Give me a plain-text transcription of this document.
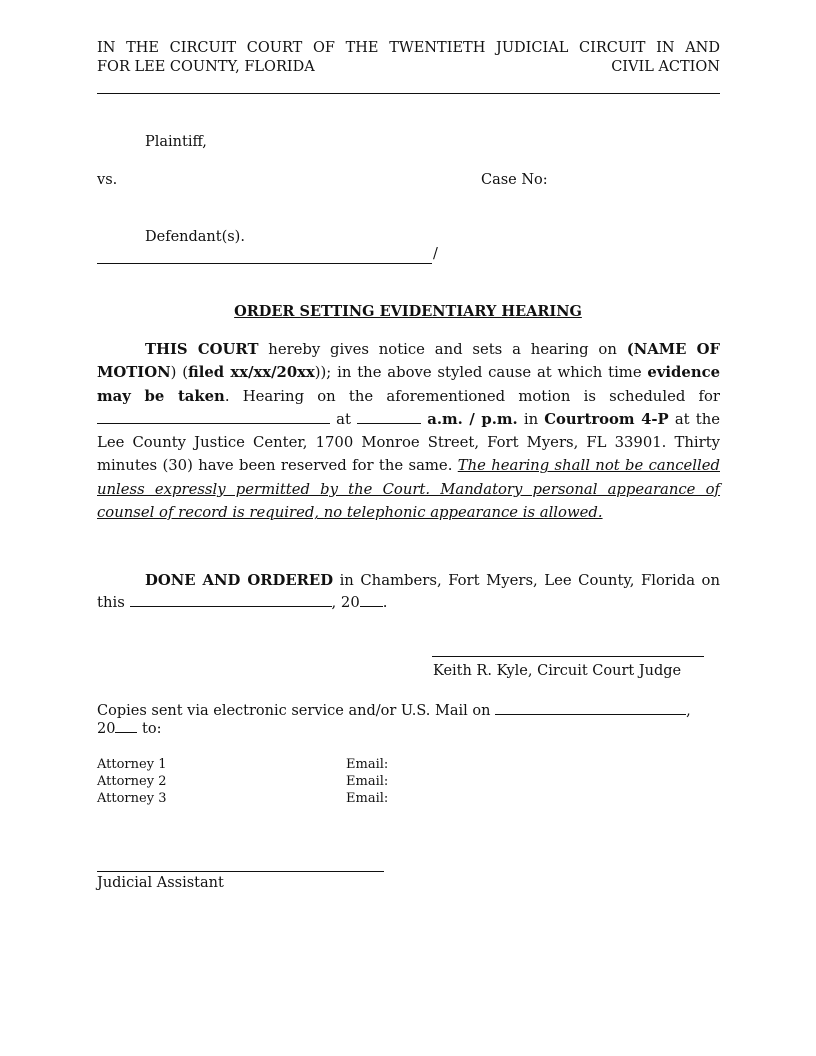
IN THE CIRCUIT COURT OF THE TWENTIETH JUDICIAL CIRCUIT IN AND
FOR LEE COUNTY, FLORIDA	CIVIL ACTION
Plaintiff,
vs.	Case No:
Defendant(s).
/
ORDER SETTING EVIDENTIARY HEARING
THIS COURT hereby gives notice and sets a hearing on (NAME OF MOTION) (filed xx/xx/20xx)); in the above styled cause at which time evidence may be taken. Hearing on the aforementioned motion is scheduled for  at	a.m. / p.m. in Courtroom 4-P at the Lee County Justice Center, 1700 Monroe Street, Fort Myers, FL 33901. Thirty minutes (30) have been reserved for the same. The hearing shall not be cancelled unless expressly permitted by the Court. Mandatory personal appearance of counsel of record is required, no telephonic appearance is allowed.
DONE AND ORDERED in Chambers, Fort Myers, Lee County, Florida on this	, 20 .
Keith R. Kyle, Circuit Court Judge
Copies sent via electronic service and/or U.S. Mail on	,
20 to:
Attorney 1	Email:
Attorney 2	Email:
Attorney 3	Email:
Judicial Assistant
